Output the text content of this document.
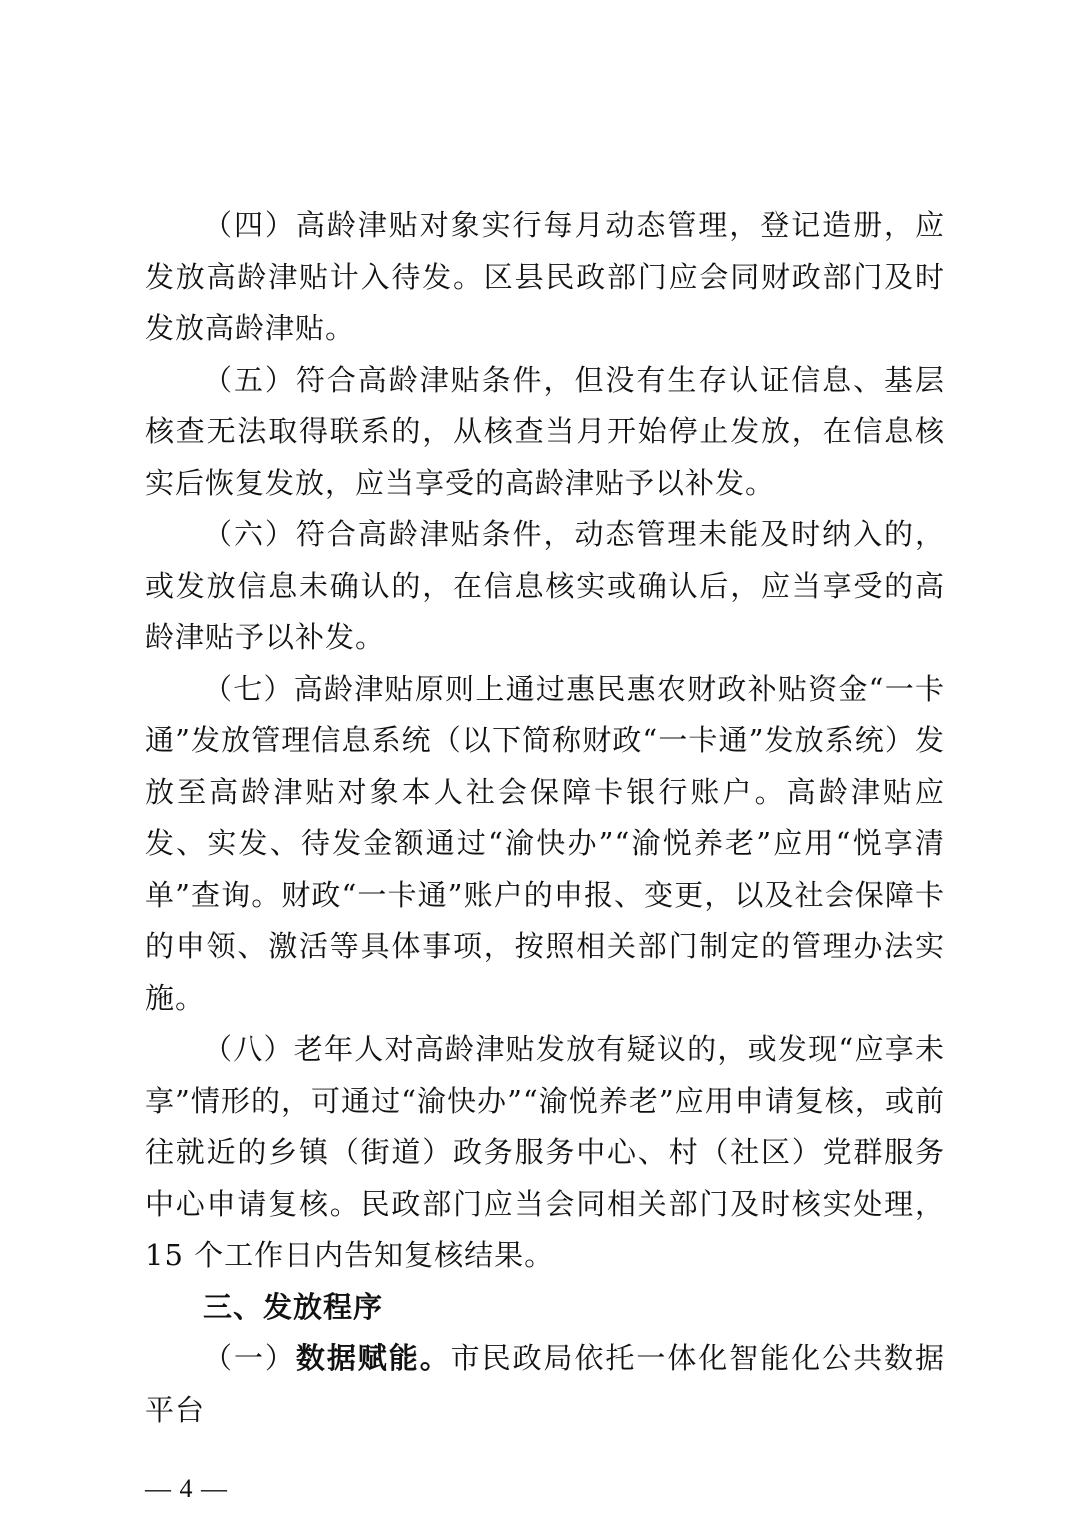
（四）高龄津贴对象实行每月动态管理，登记造册，应发放高龄津贴计入待发。区县民政部门应会同财政部门及时发放高龄津贴。

（五）符合高龄津贴条件，但没有生存认证信息、基层核查无法取得联系的，从核查当月开始停止发放，在信息核实后恢复发放，应当享受的高龄津贴予以补发。

（六）符合高龄津贴条件，动态管理未能及时纳入的，或发放信息未确认的，在信息核实或确认后，应当享受的高龄津贴予以补发。

（七）高龄津贴原则上通过惠民惠农财政补贴资金“一卡通”发放管理信息系统（以下简称财政“一卡通”发放系统）发放至高龄津贴对象本人社会保障卡银行账户。高龄津贴应发、实发、待发金额通过“渝快办”“渝悦养老”应用“悦享清单”查询。财政“一卡通”账户的申报、变更，以及社会保障卡的申领、激活等具体事项，按照相关部门制定的管理办法实施。

（八）老年人对高龄津贴发放有疑议的，或发现“应享未享”情形的，可通过“渝快办”“渝悦养老”应用申请复核，或前往就近的乡镇（街道）政务服务中心、村（社区）党群服务中心申请复核。民政部门应当会同相关部门及时核实处理，15 个工作日内告知复核结果。

三、发放程序

（一）数据赋能。市民政局依托一体化智能化公共数据平台

— 4 —
